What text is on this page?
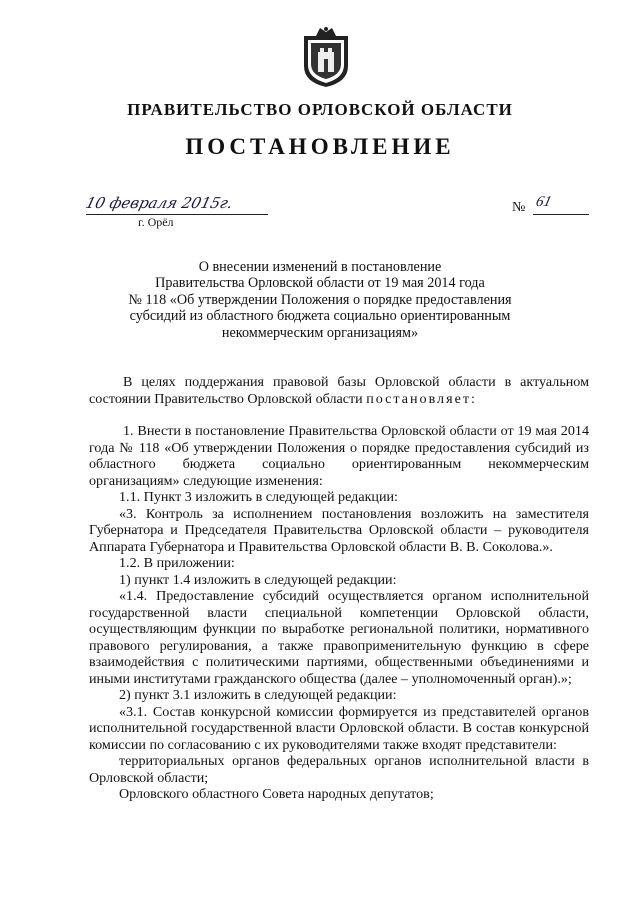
ПРАВИТЕЛЬСТВО ОРЛОВСКОЙ ОБЛАСТИ
ПОСТАНОВЛЕНИЕ
10 февраля 2015г.
г. Орёл
№ 61
О внесении изменений в постановление
Правительства Орловской области от 19 мая 2014 года
№ 118 «Об утверждении Положения о порядке предоставления
субсидий из областного бюджета социально ориентированным
некоммерческим организациям»

В целях поддержания правовой базы Орловской области в актуальном состоянии Правительство Орловской области постановляет:

1. Внести в постановление Правительства Орловской области от 19 мая 2014 года № 118 «Об утверждении Положения о порядке предоставления субсидий из областного бюджета социально ориентированным некоммерческим организациям» следующие изменения:

1.1. Пункт 3 изложить в следующей редакции:

«3. Контроль за исполнением постановления возложить на заместителя Губернатора и Председателя Правительства Орловской области – руководителя Аппарата Губернатора и Правительства Орловской области В. В. Соколова.».

1.2. В приложении:

1) пункт 1.4 изложить в следующей редакции:

«1.4. Предоставление субсидий осуществляется органом исполнительной государственной власти специальной компетенции Орловской области, осуществляющим функции по выработке региональной политики, нормативного правового регулирования, а также правоприменительную функцию в сфере взаимодействия с политическими партиями, общественными объединениями и иными институтами гражданского общества (далее – уполномоченный орган).»;

2) пункт 3.1 изложить в следующей редакции:

«3.1. Состав конкурсной комиссии формируется из представителей органов исполнительной государственной власти Орловской области. В состав конкурсной комиссии по согласованию с их руководителями также входят представители:

территориальных органов федеральных органов исполнительной власти в Орловской области;

Орловского областного Совета народных депутатов;
